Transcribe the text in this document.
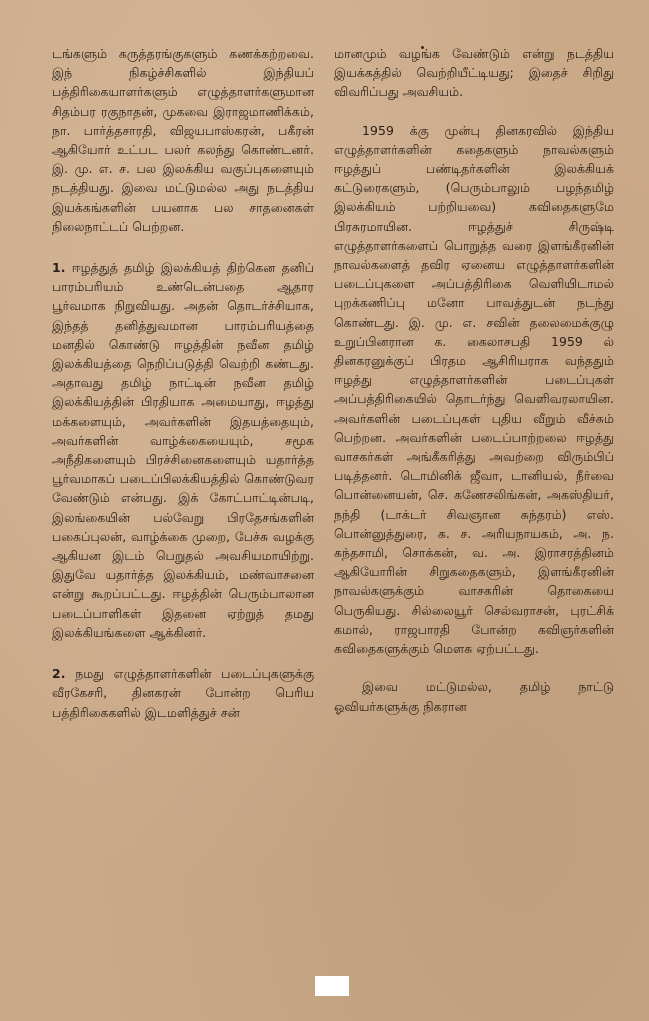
டங்களும் கருத்தரங்குகளும் கணக்கற்றவை. இந் நிகழ்ச்சிகளில் இந்தியப் பத்திரிகையாளர்களும் எழுத்தாளர்களுமான சிதம்பர ரகுநாதன், முகவை இராஜமாணிக்கம், நா. பார்த்தசாரதி, விஜயபாஸ்கரன், பகீரன் ஆகியோர் உட்பட பலர் கலந்து கொண்டனர். இ. மு. எ. ச. பல இலக்கிய வகுப்புகளையும் நடத்தியது. இவை மட்டுமல்ல அது நடத்திய இயக்கங்களின் பயனாக பல சாதனைகள் நிலைநாட்டப் பெற்றன.

1. ஈழத்துத் தமிழ் இலக்கியத் திற்கென தனிப் பாரம்பரியம் உண்டென்பதை ஆதார பூர்வமாக நிறுவியது. அதன் தொடர்ச்சியாக, இந்தத் தனித்துவமான பாரம்பரியத்தை மனதில் கொண்டு ஈழத்தின் நவீன தமிழ் இலக்கியத்தை நெறிப்படுத்தி வெற்றி கண்டது. அதாவது தமிழ் நாட்டின் நவீன தமிழ் இலக்கியத்தின் பிரதியாக அமையாது, ஈழத்து மக்களையும், அவர்களின் இதயத்தையும், அவர்களின் வாழ்க்கையையும், சமூக அநீதிகளையும் பிரச்சினைகளையும் யதார்த்த பூர்வமாகப் படைப்பிலக்கியத்தில் கொண்டுவர வேண்டும் என்பது. இக் கோட்பாட்டின்படி, இலங்கையின் பல்வேறு பிரதேசங்களின் பகைப்புலன், வாழ்க்கை முறை, பேச்சு வழக்கு ஆகியன இடம் பெறுதல் அவசியமாயிற்று. இதுவே யதார்த்த இலக்கியம், மண்வாசனை என்று கூறப்பட்டது. ஈழத்தின் பெரும்பாலான படைப்பாளிகள் இதனை ஏற்றுத் தமது இலக்கியங்களை ஆக்கினர்.

2. நமது எழுத்தாளர்களின் படைப்புகளுக்கு வீரகேசரி, தினகரன் போன்ற பெரிய பத்திரிகைகளில் இடமளித்துச் சன்

மானமும் வழங்க வேண்டும் என்று நடத்திய இயக்கத்தில் வெற்றியீட்டியது; இதைச் சிறிது விவரிப்பது அவசியம்.

1959 க்கு முன்பு தினகரவில் இந்திய எழுத்தாளர்களின் கதைகளும் நாவல்களும் ஈழத்துப் பண்டிதர்களின் இலக்கியக் கட்டுரைகளும், (பெரும்பாலும் பழந்தமிழ் இலக்கியம் பற்றியவை) கவிதைகளுமே பிரசுரமாயின. ஈழத்துச் சிருஷ்டி எழுத்தாளர்களைப் பொறுத்த வரை இளங்கீரனின் நாவல்களைத் தவிர ஏனைய எழுத்தாளர்களின் படைப்புகளை அப்பத்திரிகை வெளியிடாமல் புறக்கணிப்பு மனோ பாவத்துடன் நடந்து கொண்டது. இ. மு. எ. சவின் தலைமைக்குழு உறுப்பினரான க. கைலாசபதி 1959 ல் தினகரனுக்குப் பிரதம ஆசிரியராக வந்ததும் ஈழத்து எழுத்தாளர்களின் படைப்புகள் அப்பத்திரிகையில் தொடர்ந்து வெளிவரலாயின. அவர்களின் படைப்புகள் புதிய வீறும் வீச்சும் பெற்றன. அவர்களின் படைப்பாற்றலை ஈழத்து வாசகர்கள் அங்கீகரித்து அவற்றை விரும்பிப் படித்தனர். டொமினிக் ஜீவா, டானியல், நீர்வை பொன்னையன், செ. கணேசலிங்கன், அகஸ்தியர், நந்தி (டாக்டர் சிவஞான சுந்தரம்) எஸ். பொன்னுத்துரை, க. ச. அரியநாயகம், அ. ந. கந்தசாமி, சொக்கன், வ. அ. இராசரத்தினம் ஆகியோரின் சிறுகதைகளும், இளங்கீரனின் நாவல்களுக்கும் வாசகரின் தொகையை பெருகியது. சில்லையூர் செல்வராசன், புரட்சிக் கமால், ராஜபாரதி போன்ற கவிஞர்களின் கவிதைகளுக்கும் மௌசு ஏற்பட்டது.

இவை மட்டுமல்ல, தமிழ் நாட்டு ஓவியர்களுக்கு நிகரான
